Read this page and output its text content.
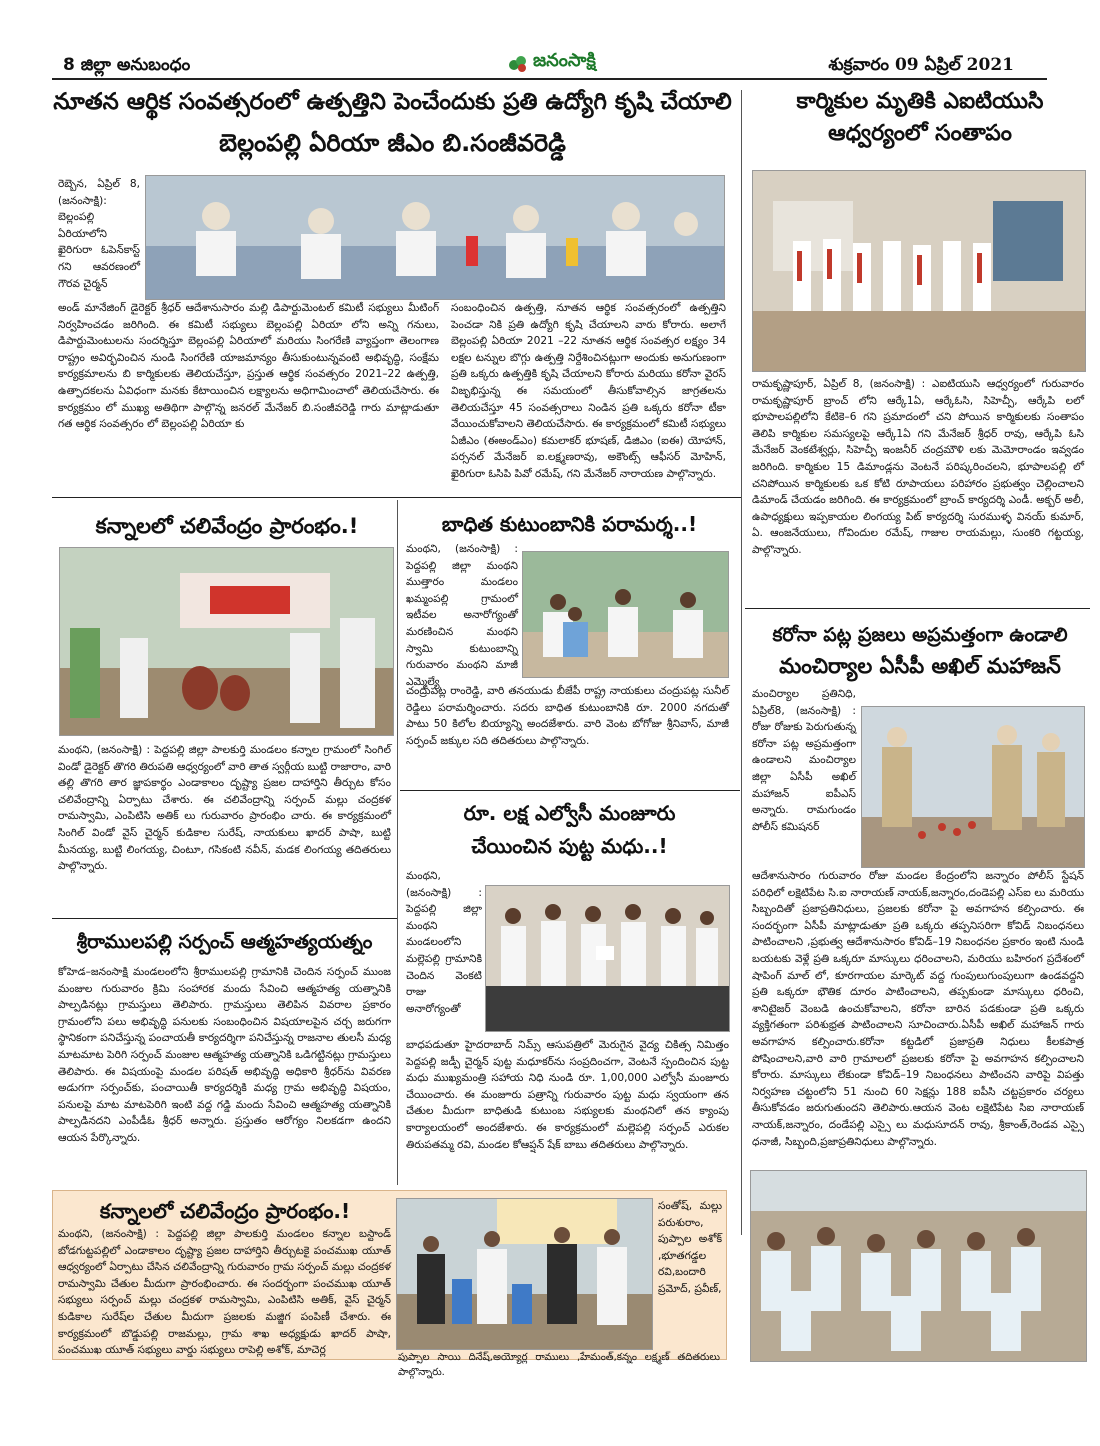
8 జిల్లా అనుబంధం	జనంసాక్షి	శుక్రవారం 09 ఏప్రిల్ 2021
నూతన ఆర్థిక సంవత్సరంలో ఉత్పత్తిని పెంచేందుకు ప్రతి ఉద్యోగి కృషి చేయాలి
బెల్లంపల్లి ఏరియా జీఎం బి.సంజీవరెడ్డి
రెబ్బెన, ఏప్రిల్ 8, (జనంసాక్షి): బెల్లంపల్లి ఏరియాలోని ఖైరిగురా ఓపెన్‌కాస్ట్ గని ఆవరణంలో గౌరవ చైర్మన్
అండ్ మానేజింగ్ డైరెక్టర్ శ్రీధర్ ఆదేశానుసారం మల్లి డిపార్టుమెంటల్ కమిటీ సభ్యులు మీటింగ్ నిర్వహించడం జరిగింది. ఈ కమిటీ సభ్యులు బెల్లంపల్లి ఏరియా లోని అన్ని గనులు, డిపార్టుమెంటులను సందర్శిస్తూ బెల్లంపల్లి ఏరియాలో మరియు సింగరేణి వ్యాప్తంగా తెలంగాణ రాష్ట్రం అవిర్భవించిన నుండి సింగరేణి యాజమాన్యం తీసుకుంటున్నవంటి అభివృద్ధి, సంక్షేమ కార్యక్రమాలను బి కార్మికులకు తెలియచేస్తూ, ప్రస్తుత ఆర్థిక సంవత్సరం 2021–22 ఉత్పత్తి, ఉత్పాదకలను ఏవిధంగా మనకు కేటాయించిన లక్ష్యాలను అధిగామించాలో తెలియచేసారు. ఈ కార్యక్రమం లో ముఖ్య అతిథిగా పాల్గొన్న జనరల్ మేనేజర్ బి.సంజీవరెడ్డి గారు మాట్లాడుతూ గత ఆర్థిక సంవత్సరం లో బెల్లంపల్లి ఏరియా కు
సంబంధించిన ఉత్పత్తి, నూతన ఆర్థిక సంవత్సరంలో ఉత్పత్తిని పెంచడా నికి ప్రతి ఉద్యోగి కృషి చేయాలని వారు కోరారు. అలాగే బెల్లంపల్లి ఏరియా 2021 –22 నూతన ఆర్థిక సంవత్సర లక్ష్యం 34 లక్షల టన్నుల బొగ్గు ఉత్పత్తి నిర్దేశించినట్లుగా అందుకు అనుగుణంగా ప్రతి ఒక్కరు ఉత్పత్తికి కృషి చేయాలని కోరారు మరియు కరోనా వైరస్ విజృభిస్తున్న ఈ సమయంలో తీసుకోవాల్సిన జాగ్రతలను తెలియచేస్తూ 45 సంవత్సరాలు నిండిన ప్రతి ఒక్కరు కరోనా టీకా వేయించుకోవాలని తెలియచేసారు. ఈ కార్యక్రమంలో కమిటీ సభ్యులు ఏజీఎం (ఈఅండ్ఎం) కమలాకర్ భూషణ్, డిజిఎం (ఐఈ) యోహాన్, పర్సనల్ మేనేజర్ ఐ.లక్ష్మణరావు, అకౌంట్స్ ఆఫీసర్ మోహిన్, ఖైరిగురా ఓసిపి పివో రమేష్, గని మేనేజర్ నారాయణ పాల్గొన్నారు.
కార్మికుల మృతికి ఎఐటియుసి
ఆధ్వర్యంలో సంతాపం
రామకృష్ణాపూర్, ఏప్రిల్ 8, (జనంసాక్షి) : ఎఐటియుసి ఆధ్వర్యంలో గురువారం రామకృష్ణాపూర్ బ్రాంచ్ లోని ఆర్కే1ఏ, ఆర్కేఓసి, సిహెచ్పీ, ఆర్కేపి లలో భూపాలపల్లిలోని కేటికె–6 గని ప్రమాదంలో చని పోయిన కార్మికులకు సంతాపం తెలిపి కార్మికుల సమస్యలపై ఆర్కే1ఏ గని మేనేజర్ శ్రీధర్ రావు, ఆర్కేపి ఓసి మేనేజర్ వెంకటేశ్వర్లు, సిహెచ్పీ ఇంజనీర్ చంద్రమౌళి లకు మెమోరాండం ఇవ్వడం జరిగింది. కార్మికుల 15 డిమాండ్లను వెంటనే పరిష్కరించలని, భూపాలపల్లి లో చనిపోయిన కార్మికులకు ఒక కోటి రూపాయలు పరిహారం ప్రభుత్వం చెల్లించాలని డిమాండ్ చేయడం జరిగింది. ఈ కార్యక్రమంలో బ్రాంచ్ కార్యదర్శి ఎండీ. అక్బర్ అలీ, ఉపాధ్యక్షులు ఇప్పకాయల లింగయ్య పిట్ కార్యదర్శి సురముళ్ళ వినయ్ కుమార్, ఏ. ఆంజనేయులు, గోవిందుల రమేష్, గాజుల రాయమల్లు, సుంకరి గట్టయ్య, పాల్గొన్నారు.
కరోనా పట్ల ప్రజలు అప్రమత్తంగా ఉండాలి
మంచిర్యాల ఏసీపీ అఖిల్ మహాజన్
మంచిర్యాల ప్రతినిధి, ఏప్రిల్8, (జనంసాక్షి) : రోజు రోజుకు పెరుగుతున్న కరోనా పట్ల అప్రమత్తంగా ఉండాలని మంచిర్యాల జిల్లా ఏసీపీ అఖిల్ మహాజన్ ఐపీఎస్ అన్నారు. రామగుండం పోలీస్ కమిషనర్
ఆదేశానుసారం గురువారం రోజు మండల కేంద్రంలోని జన్నారం పోలీస్ స్టేషన్ పరిధిలో లక్షెటిపేట సి.ఐ నారాయణ్ నాయక్,జన్నారం,దండెపల్లి ఎస్ఐ లు మరియు సిబ్బందితో ప్రజాప్రతినిధులు, ప్రజలకు కరోనా పై అవగాహన కల్పించారు. ఈ సందర్భంగా ఏసీపీ మాట్లాడుతూ ప్రతి ఒక్కరు తప్పనిసరిగా కోవిడ్ నిబంధనలు పాటించాలని ,ప్రభుత్వ ఆదేశానుసారం కోవిడ్–19 నిబంధనల ప్రకారం ఇంటి నుండి బయటకు వెళ్లే ప్రతి ఒక్కరూ మాస్కులు ధరించాలని, మరియు బహిరంగ ప్రదేశంలో షాపింగ్ మాల్ లో, కూరగాయల మార్కెట్ వద్ద గుంపులుగుంపులుగా ఉండవద్దని ప్రతి ఒక్కరూ భౌతిక దూరం పాటించాలని, తప్పకుండా మాస్కులు ధరించి, శానిటైజర్ వెంబడి ఉంచుకోవాలని, కరోనా బారిన పడకుండా ప్రతి ఒక్కరు వ్యక్తిగతంగా పరిశుభ్రత పాటించాలని సూచించారు.ఏసీపీ అఖిల్ మహాజన్ గారు అవగాహన కల్పించారు.కరోనా కట్టడిలో ప్రజాప్రతి నిధులు కీలకపాత్ర పోషించాలని,వారి వారి గ్రామాలలో ప్రజలకు కరోనా పై అవగాహన కల్పించాలని కోరారు. మాస్కులు లేకుండా కోవిడ్–19 నిబంధనలు పాటించని వారిపై విపత్తు నిర్వహణ చట్టంలోని 51 నుంచి 60 సెక్షన్లు 188 ఐపీసి చట్టప్రకారం చర్యలు తీసుకోవడం జరుగుతుందని తెలిపారు.ఆయన వెంట లక్షెటిపేట సిఐ నారాయణ్ నాయక్,జన్నారం, దండేపల్లి ఎస్సై లు మధుసూదన్ రావు, శ్రీకాంత్,రెండవ ఎస్సై ధనాజీ, సిబ్బంది,ప్రజాప్రతినిధులు పాల్గొన్నారు.
కన్నాలలో చలివేంద్రం ప్రారంభం.!
మంథని, (జనంసాక్షి) : పెద్దపల్లి జిల్లా పాలకుర్తి మండలం కన్నాల గ్రామంలో సింగిల్ విండో డైరెక్టర్ తొగరి తిరుపతి ఆధ్వర్యంలో వారి తాత స్వర్గీయ బుట్టి రాజారాం, వారి తల్లి తొగరి తార జ్ఞాపకార్థం ఎండాకాలం దృష్ట్యా ప్రజల దాహార్తిని తీర్చుట కోసం చలివేంద్రాన్ని ఏర్పాటు చేశారు. ఈ చలివేంద్రాన్ని సర్పంచ్ మల్లు చంద్రకళ రామస్వామి, ఎంపిటిసి అతిక్ లు గురువారం ప్రారంభిం చారు. ఈ కార్యక్రమంలో సింగిల్ విండో వైస్ చైర్మన్ కుడికాల సురేష్, నాయకులు ఖాదర్ పాషా, బుట్టి మీనయ్య, బుట్టి లింగయ్య, చింటూ, గసికంటి నవీన్, మడక లింగయ్య తదితరులు పాల్గొన్నారు.
శ్రీరాములపల్లి సర్పంచ్ ఆత్మహత్యయత్నం
కోహెడ–జనంసాక్షి మండలంలోని శ్రీరాములపల్లి గ్రామానికి చెందిన సర్పంచ్ ముంజ మంజుల గురువారం క్రిమి సంహారక మందు సేవించి ఆత్మహత్య యత్నానికి పాల్పడినట్లు గ్రామస్తులు తెలిపారు. గ్రామస్తులు తెలిపిన వివరాల ప్రకారం గ్రామంలోని పలు అభివృద్ధి పనులకు సంబంధించిన విషయాలపైన చర్చ జరుగగా స్థానికంగా పనిచేస్తున్న పంచాయతీ కార్యదర్శిగా పనిచేస్తున్న రాజనాల తులసీ మధ్య మాటమాట పెరిగి సర్పంచ్ మంజుల ఆత్మహత్య యత్నానికి ఒడిగట్టినట్లు గ్రామస్తులు తెలిపారు. ఈ విషయంపై మండల పరిషత్ అభివృద్ధి అధికారి శ్రీధర్‌ను వివరణ అడుగగా సర్పంచ్‌కు, పంచాయితీ కార్యదర్శికి మధ్య గ్రామ అభివృద్ధి విషయం, పనులపై మాట మాటపెరిగి ఇంటి వద్ద గడ్డి మందు సేవించి ఆత్మహత్య యత్నానికి పాల్పడినదని ఎంపీడీఓ శ్రీధర్ అన్నారు. ప్రస్తుతం ఆరోగ్యం నిలకడగా ఉందని ఆయన పేర్కొన్నారు.
బాధిత కుటుంబానికి పరామర్శ..!
మంథని, (జనంసాక్షి) : పెద్దపల్లి జిల్లా మంథని ముత్తారం మండలం ఖమ్మంపల్లి గ్రామంలో ఇటీవల అనారోగ్యంతో మరణించిన మంథని స్వామి కుటుంబాన్ని గురువారం మంథని మాజీ ఎమ్మెల్యే
చంద్రుపట్ల రాంరెడ్డి, వారి తనయుడు బీజేపీ రాష్ట్ర నాయకులు చంద్రుపట్ల సునీల్ రెడ్డిలు పరామర్శించారు. సదరు బాధిత కుటుంబానికి రూ. 2000 నగదుతో పాటు 50 కిలోల బియ్యాన్ని అందజేశారు. వారి వెంట బోగోజు శ్రీనివాస్, మాజీ సర్పంచ్ జక్కుల సది తదితరులు పాల్గొన్నారు.
రూ. లక్ష ఎల్వోసీ మంజూరు
చేయించిన పుట్ట మధు..!
మంథని, (జనంసాక్షి) : పెద్దపల్లి జిల్లా మంథని మండలంలోని మల్లెపల్లి గ్రామానికి చెందిన వెంకటి రాజు అనారోగ్యంతో
బాధపడుతూ హైదరాబాద్ నిమ్స్ ఆసుపత్రిలో మెరుగైన వైద్య చికిత్స నిమిత్తం పెద్దపల్లి జడ్పీ చైర్మన్ పుట్ట మధూకర్‌ను సంప్రదించగా, వెంటనే స్పందించిన పుట్ట మధు ముఖ్యమంత్రి సహాయ నిధి నుండి రూ. 1,00,000 ఎల్వోసీ మంజూరు చేయించారు. ఈ మంజూరు పత్రాన్ని గురువారం పుట్ట మధు స్వయంగా తన చేతుల మీదుగా బాధితుడి కుటుంబ సభ్యులకు మంథనిలో తన క్యాంపు కార్యాలయంలో అందజేశారు. ఈ కార్యక్రమంలో మల్లెపల్లి సర్పంచ్ ఎరుకల తిరుపతమ్మ రవి, మండల కోఆప్షన్ షేక్ బాబు తదితరులు పాల్గొన్నారు.
కన్నాలలో చలివేంద్రం ప్రారంభం.!
మంథని, (జనంసాక్షి) : పెద్దపల్లి జిల్లా పాలకుర్తి మండలం కన్నాల బస్టాండ్ బోడగుట్టపల్లిలో ఎండాకాలం దృష్ట్యా ప్రజల దాహార్తిని తీర్చుటకై పంచముఖ యూత్ ఆధ్వర్యంలో ఏర్పాటు చేసిన చలివేంద్రాన్ని గురువారం గ్రామ సర్పంచ్ మల్లు చంద్రకళ రామస్వామి చేతుల మీదుగా ప్రారంభించారు. ఈ సందర్భంగా పంచముఖ యూత్ సభ్యులు సర్పంచ్ మల్లు చంద్రకళ రామస్వామి, ఎంపిటిసి అతిక్, వైస్ చైర్మన్ కుడికాల సురేష్‌ల చేతుల మీదుగా ప్రజలకు మజ్జిగ పంపిణీ చేశారు. ఈ కార్యక్రమంలో బొడ్డుపల్లి రాజమల్లు, గ్రామ శాఖ అధ్యక్షుడు ఖాదర్ పాషా, పంచముఖ యూత్ సభ్యులు వార్డు సభ్యులు రాపెల్లి అశోక్, మాచెర్ల
సంతోష్, మల్లు పరుశురాం, పుప్పాల అశోక్ ,భూతగడ్డల రవి,బందారి ప్రమోద్, ప్రవీణ్,
పుప్పాల సాయి దినేష్,అయ్యోర్ల రాములు ,హేమంత్,కన్నం లక్ష్మణ్ తదితరులు పాల్గొన్నారు.
